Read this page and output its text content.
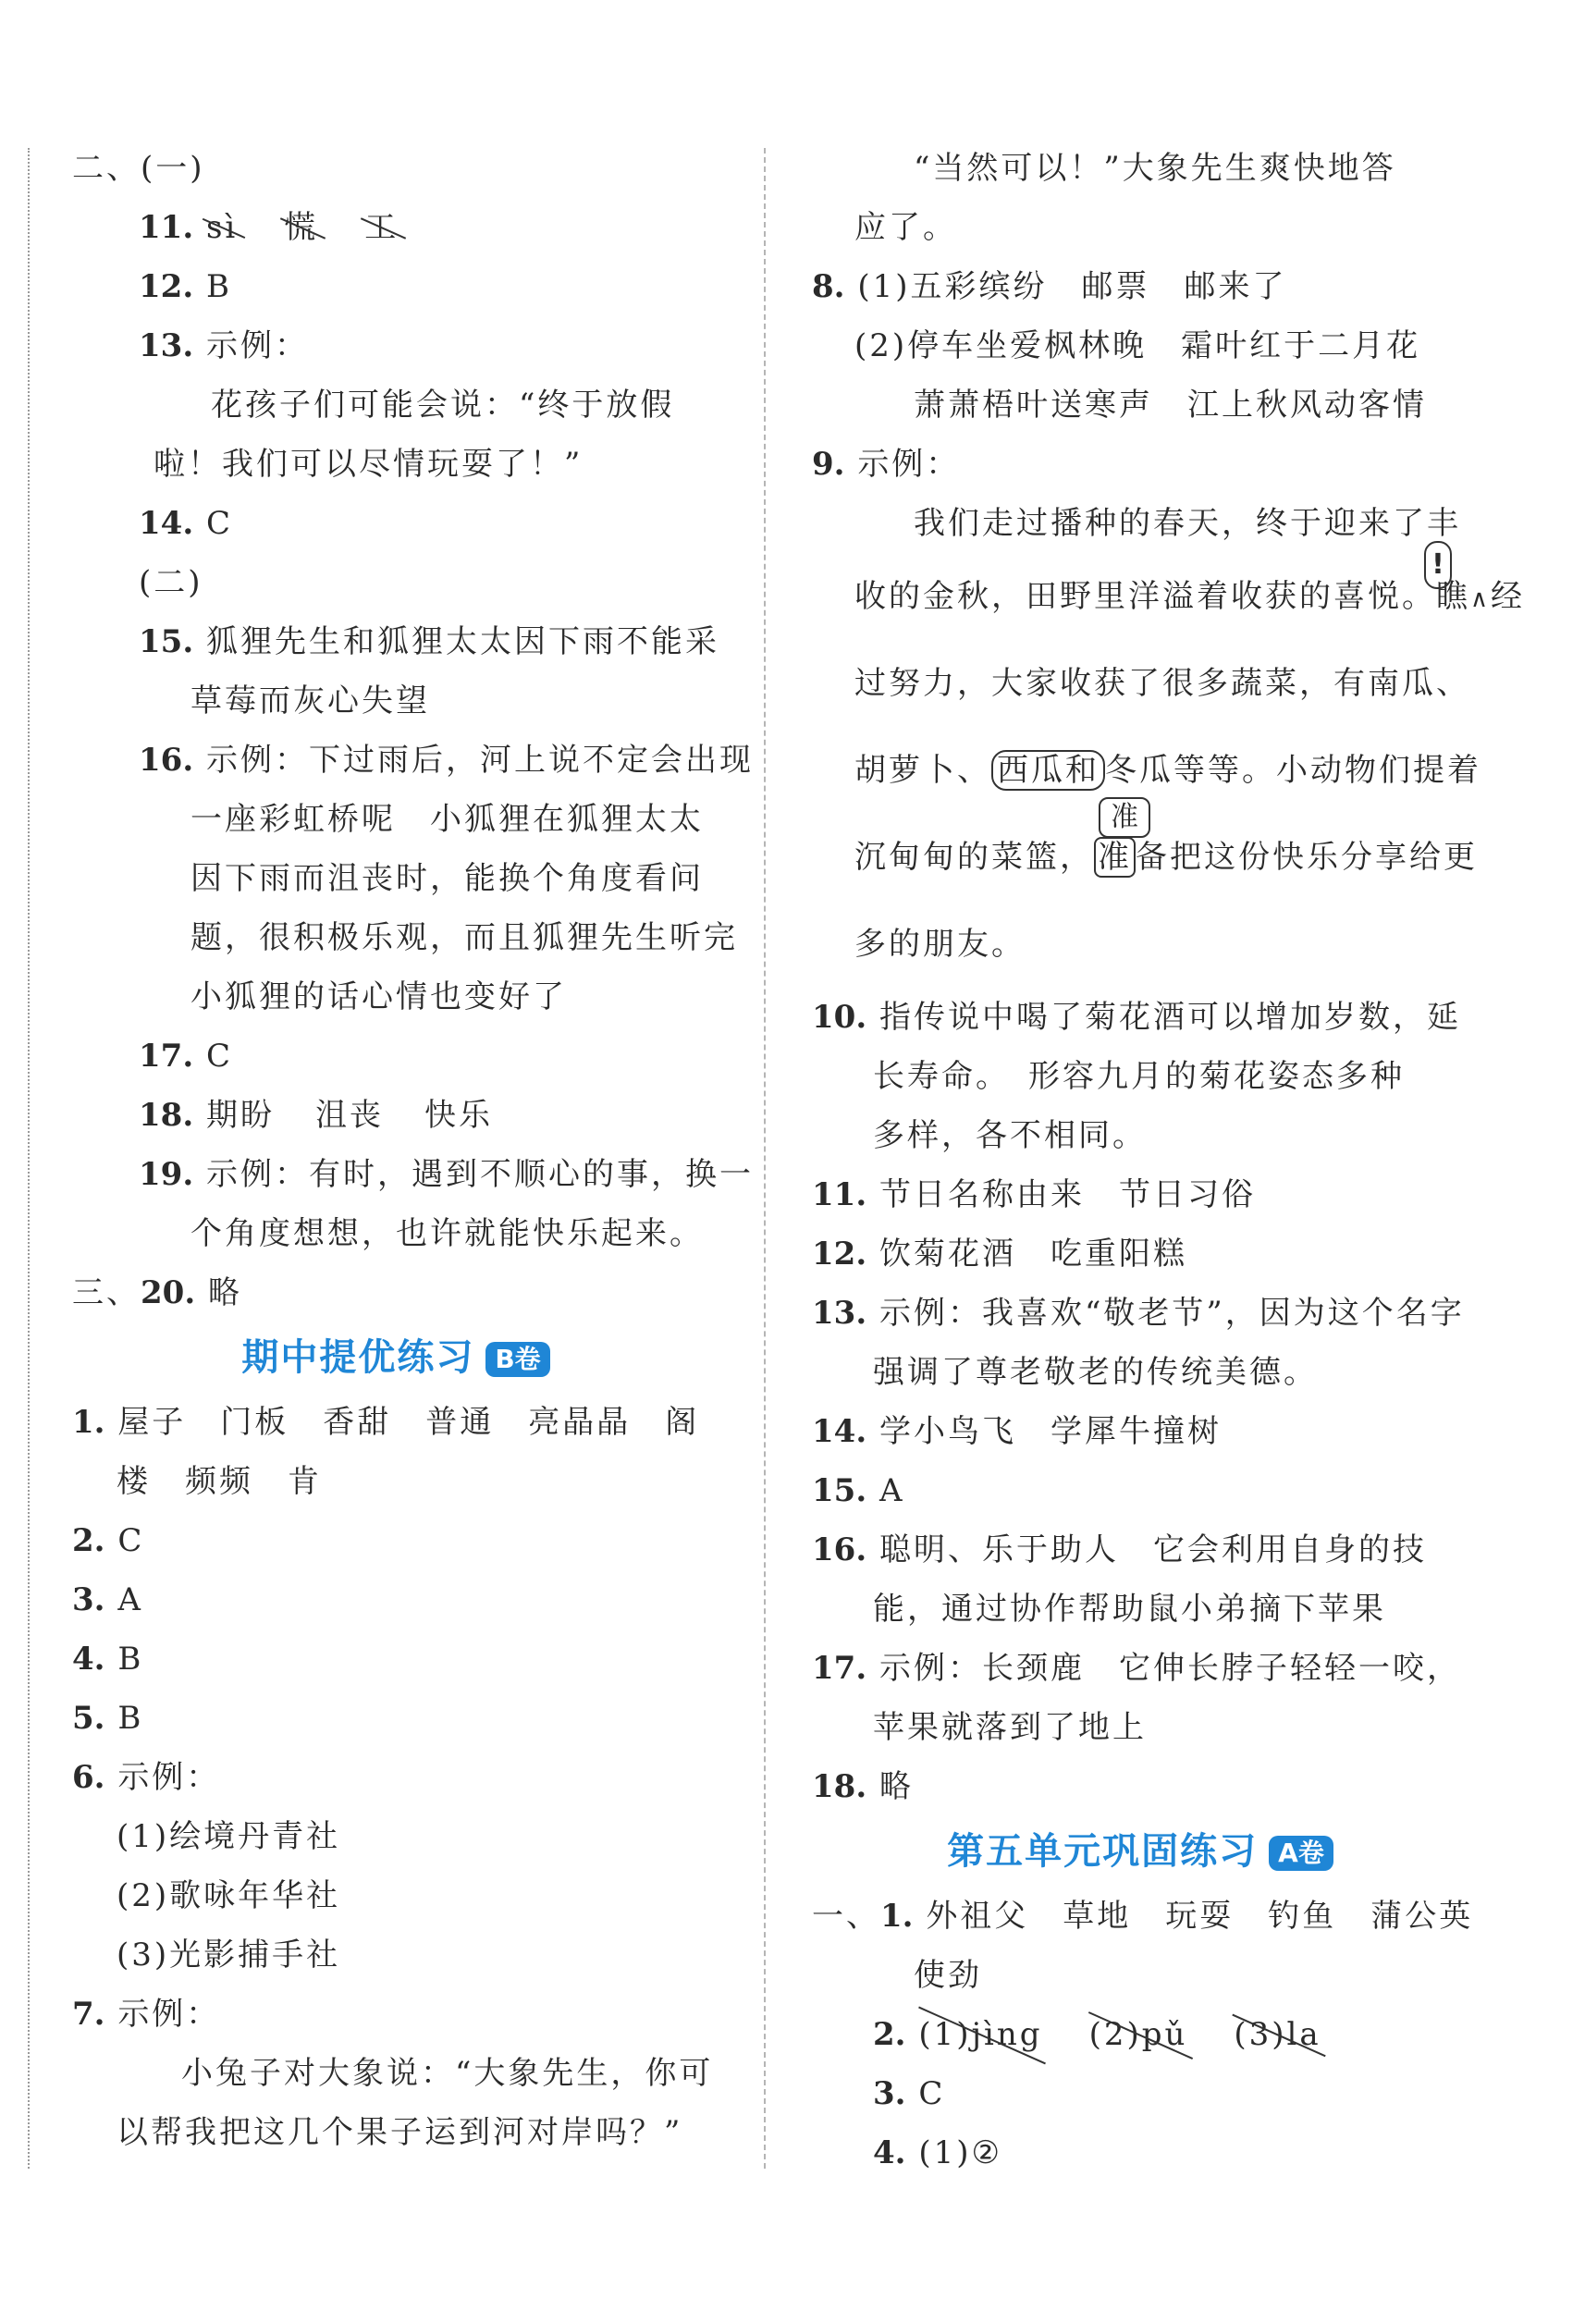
二、(一)
11. sì 慌 工
12. B
13. 示例：
花孩子们可能会说：“终于放假
啦！我们可以尽情玩耍了！”
14. C
(二)
15. 狐狸先生和狐狸太太因下雨不能采
草莓而灰心失望
16. 示例：下过雨后，河上说不定会出现
一座彩虹桥呢　小狐狸在狐狸太太
因下雨而沮丧时，能换个角度看问
题，很积极乐观，而且狐狸先生听完
小狐狸的话心情也变好了
17. C
18. 期盼 沮丧 快乐
19. 示例：有时，遇到不顺心的事，换一
个角度想想，也许就能快乐起来。
三、20. 略
期中提优练习 B卷
1. 屋子　门板　香甜　普通　亮晶晶　阁
楼　频频　肯
2. C
3. A
4. B
5. B
6. 示例：
(1)绘境丹青社
(2)歌咏年华社
(3)光影捕手社
7. 示例：
小兔子对大象说：“大象先生，你可
以帮我把这几个果子运到河对岸吗？”
“当然可以！”大象先生爽快地答
应了。
8. (1)五彩缤纷　邮票　邮来了
(2)停车坐爱枫林晚　霜叶红于二月花
萧萧梧叶送寒声　江上秋风动客情
9. 示例：
我们走过播种的春天，终于迎来了丰
收的金秋，田野里洋溢着收获的喜悦。瞧∧经
过努力，大家收获了很多蔬菜，有南瓜、
胡萝卜、 西瓜和 冬瓜等等。小动物们提着
沉甸甸的菜篮， 准 备把这份快乐分享给更
多的朋友。
10. 指传说中喝了菊花酒可以增加岁数，延
长寿命。　形容九月的菊花姿态多种
多样，各不相同。
11. 节日名称由来　节日习俗
12. 饮菊花酒　吃重阳糕
13. 示例：我喜欢“敬老节”，因为这个名字
强调了尊老敬老的传统美德。
14. 学小鸟飞　学犀牛撞树
15. A
16. 聪明、乐于助人　它会利用自身的技
能，通过协作帮助鼠小弟摘下苹果
17. 示例：长颈鹿　它伸长脖子轻轻一咬，
苹果就落到了地上
18. 略
第五单元巩固练习 A卷
一、1. 外祖父　草地　玩耍　钓鱼　蒲公英
使劲
2. (1)jìng (2)pǔ (3)la
3. C
4. (1)②
!
准
